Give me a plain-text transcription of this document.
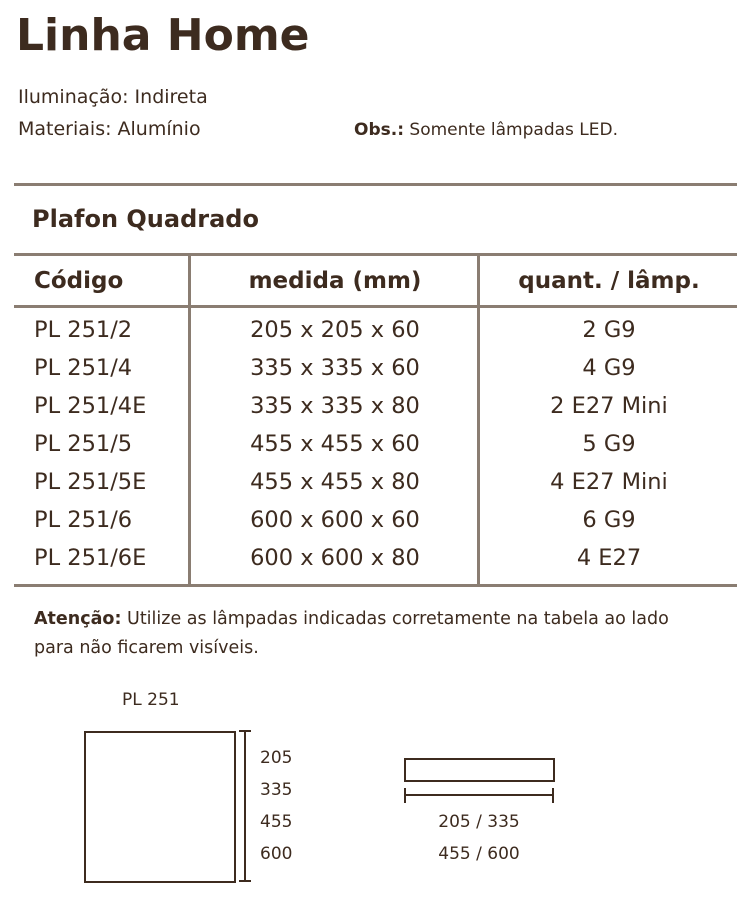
Linha Home
Iluminação: Indireta
Materiais: Alumínio	Obs.: Somente lâmpadas LED.
Plafon Quadrado
Código	medida (mm)	quant. / lâmp.
PL 251/2	205 x 205 x 60	2 G9
PL 251/4	335 x 335 x 60	4 G9
PL 251/4E	335 x 335 x 80	2 E27 Mini
PL 251/5	455 x 455 x 60	5 G9
PL 251/5E	455 x 455 x 80	4 E27 Mini
PL 251/6	600 x 600 x 60	6 G9
PL 251/6E	600 x 600 x 80	4 E27
Atenção: Utilize as lâmpadas indicadas corretamente na tabela ao lado para não ficarem visíveis.
PL 251
205
335
455
600
205 / 335
455 / 600
